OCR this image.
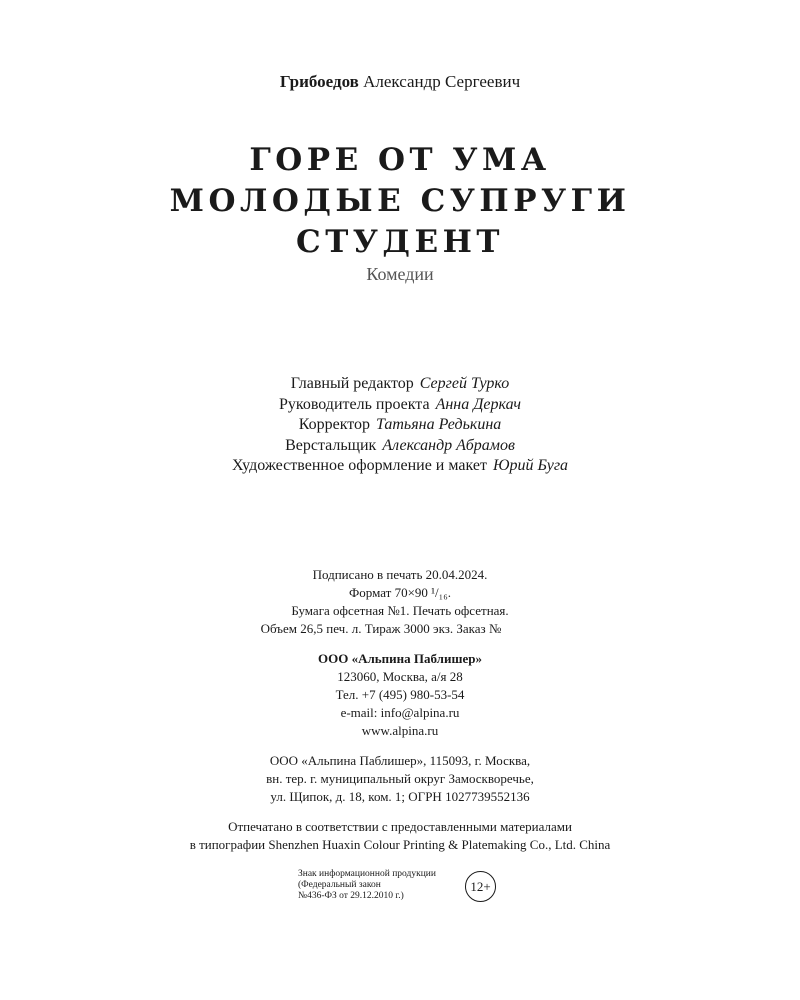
Грибоедов Александр Сергеевич
ГОРЕ ОТ УМА
МОЛОДЫЕ СУПРУГИ
СТУДЕНТ
Комедии
Главный редактор Сергей Турко
Руководитель проекта Анна Деркач
Корректор Татьяна Редькина
Верстальщик Александр Абрамов
Художественное оформление и макет Юрий Буга
Подписано в печать 20.04.2024.
Формат 70×90 ¹/₁₆.
Бумага офсетная №1. Печать офсетная.
Объем 26,5 печ. л. Тираж 3000 экз. Заказ №
ООО «Альпина Паблишер»
123060, Москва, а/я 28
Тел. +7 (495) 980-53-54
e-mail: info@alpina.ru
www.alpina.ru
ООО «Альпина Паблишер», 115093, г. Москва,
вн. тер. г. муниципальный округ Замоскворечье,
ул. Щипок, д. 18, ком. 1; ОГРН 1027739552136
Отпечатано в соответствии с предоставленными материалами
в типографии Shenzhen Huaxin Colour Printing & Platemaking Co., Ltd. China
Знак информационной продукции
(Федеральный закон
№436-ФЗ от 29.12.2010 г.)
12+
